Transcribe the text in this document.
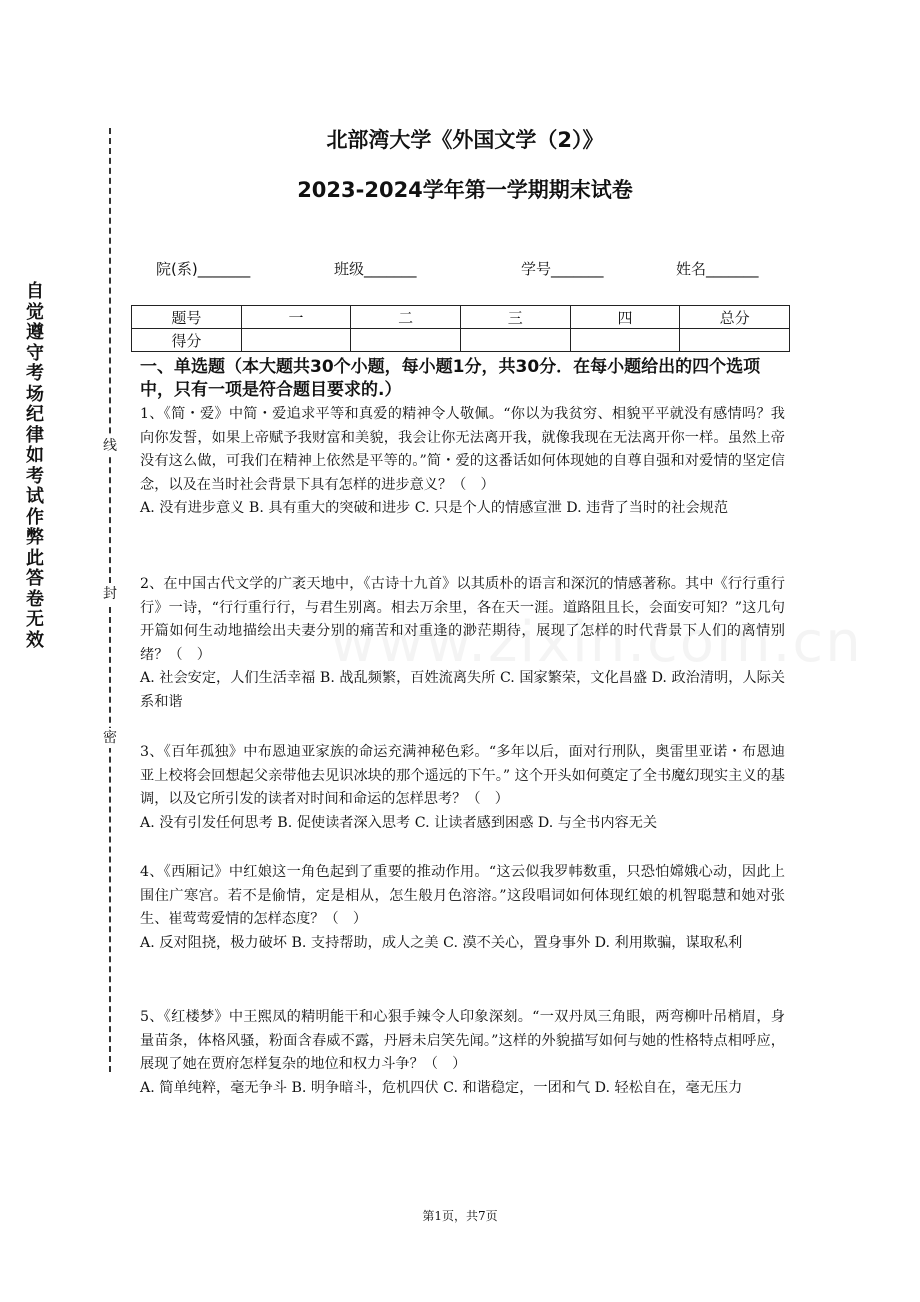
自觉遵守考场纪律如考试作弊此答卷无效
线
封
密
北部湾大学《外国文学（2）》
2023-2024学年第一学期期末试卷
院(系)_______	班级_______	学号_______	姓名_______
题号	一	二	三	四	总分
得分					
一、单选题（本大题共30个小题，每小题1分，共30分．在每小题给出的四个选项中，只有一项是符合题目要求的.）

1、《简・爱》中简・爱追求平等和真爱的精神令人敬佩。“你以为我贫穷、相貌平平就没有感情吗？我向你发誓，如果上帝赋予我财富和美貌，我会让你无法离开我，就像我现在无法离开你一样。虽然上帝没有这么做，可我们在精神上依然是平等的。”简・爱的这番话如何体现她的自尊自强和对爱情的坚定信念，以及在当时社会背景下具有怎样的进步意义？（　）

A. 没有进步意义 B. 具有重大的突破和进步 C. 只是个人的情感宣泄 D. 违背了当时的社会规范

2、在中国古代文学的广袤天地中，《古诗十九首》以其质朴的语言和深沉的情感著称。其中《行行重行行》一诗，“行行重行行，与君生别离。相去万余里，各在天一涯。道路阻且长，会面安可知？”这几句开篇如何生动地描绘出夫妻分别的痛苦和对重逢的渺茫期待，展现了怎样的时代背景下人们的离情别绪？（　）

A. 社会安定，人们生活幸福 B. 战乱频繁，百姓流离失所 C. 国家繁荣，文化昌盛 D. 政治清明，人际关系和谐

3、《百年孤独》中布恩迪亚家族的命运充满神秘色彩。“多年以后，面对行刑队，奥雷里亚诺・布恩迪亚上校将会回想起父亲带他去见识冰块的那个遥远的下午。” 这个开头如何奠定了全书魔幻现实主义的基调，以及它所引发的读者对时间和命运的怎样思考？（　）

A. 没有引发任何思考 B. 促使读者深入思考 C. 让读者感到困惑 D. 与全书内容无关

4、《西厢记》中红娘这一角色起到了重要的推动作用。“这云似我罗帏数重，只恐怕嫦娥心动，因此上围住广寒宫。若不是偷情，定是相从，怎生般月色溶溶。”这段唱词如何体现红娘的机智聪慧和她对张生、崔莺莺爱情的怎样态度？（　）

A. 反对阻挠，极力破坏 B. 支持帮助，成人之美 C. 漠不关心，置身事外 D. 利用欺骗，谋取私利

5、《红楼梦》中王熙凤的精明能干和心狠手辣令人印象深刻。“一双丹凤三角眼，两弯柳叶吊梢眉，身量苗条，体格风骚，粉面含春威不露，丹唇未启笑先闻。”这样的外貌描写如何与她的性格特点相呼应，展现了她在贾府怎样复杂的地位和权力斗争？（　）

A. 简单纯粹，毫无争斗 B. 明争暗斗，危机四伏 C. 和谐稳定，一团和气 D. 轻松自在，毫无压力

第1页，共7页
